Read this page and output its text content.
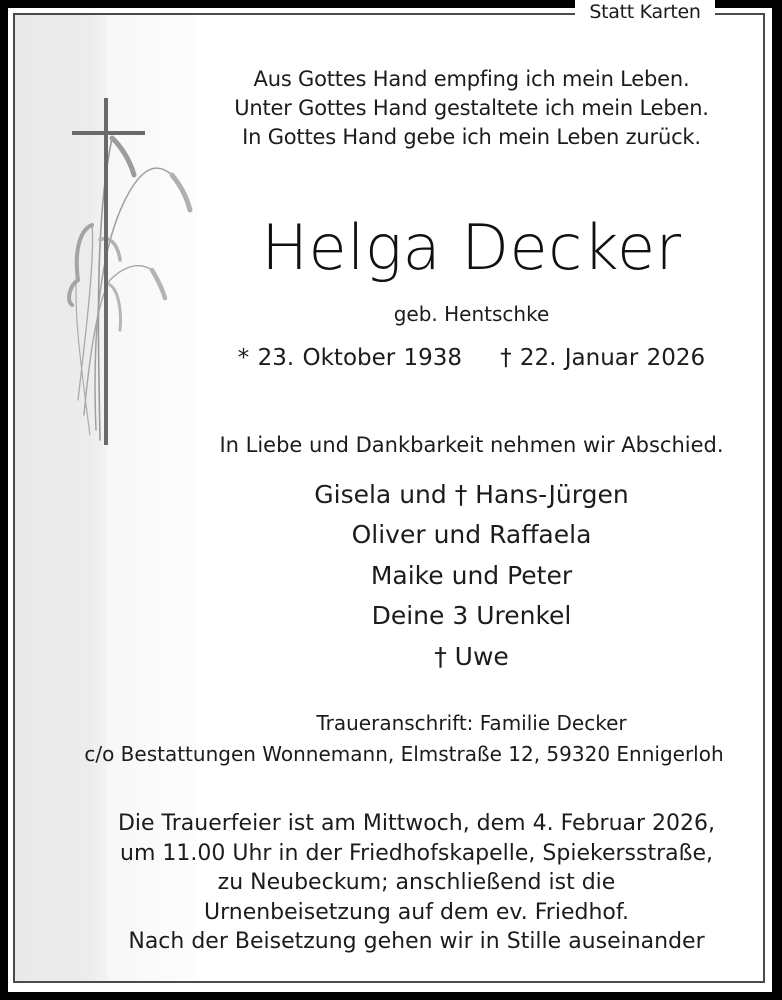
Statt Karten
Aus Gottes Hand empfing ich mein Leben.
Unter Gottes Hand gestaltete ich mein Leben.
In Gottes Hand gebe ich mein Leben zurück.
Helga Decker
geb. Hentschke
* 23. Oktober 1938 † 22. Januar 2026
In Liebe und Dankbarkeit nehmen wir Abschied.
Gisela und † Hans-Jürgen
Oliver und Raffaela
Maike und Peter
Deine 3 Urenkel
† Uwe
Traueranschrift: Familie Decker
c/o Bestattungen Wonnemann, Elmstraße 12, 59320 Ennigerloh
Die Trauerfeier ist am Mittwoch, dem 4. Februar 2026,
um 11.00 Uhr in der Friedhofskapelle, Spiekersstraße,
zu Neubeckum; anschließend ist die
Urnenbeisetzung auf dem ev. Friedhof.
Nach der Beisetzung gehen wir in Stille auseinander
